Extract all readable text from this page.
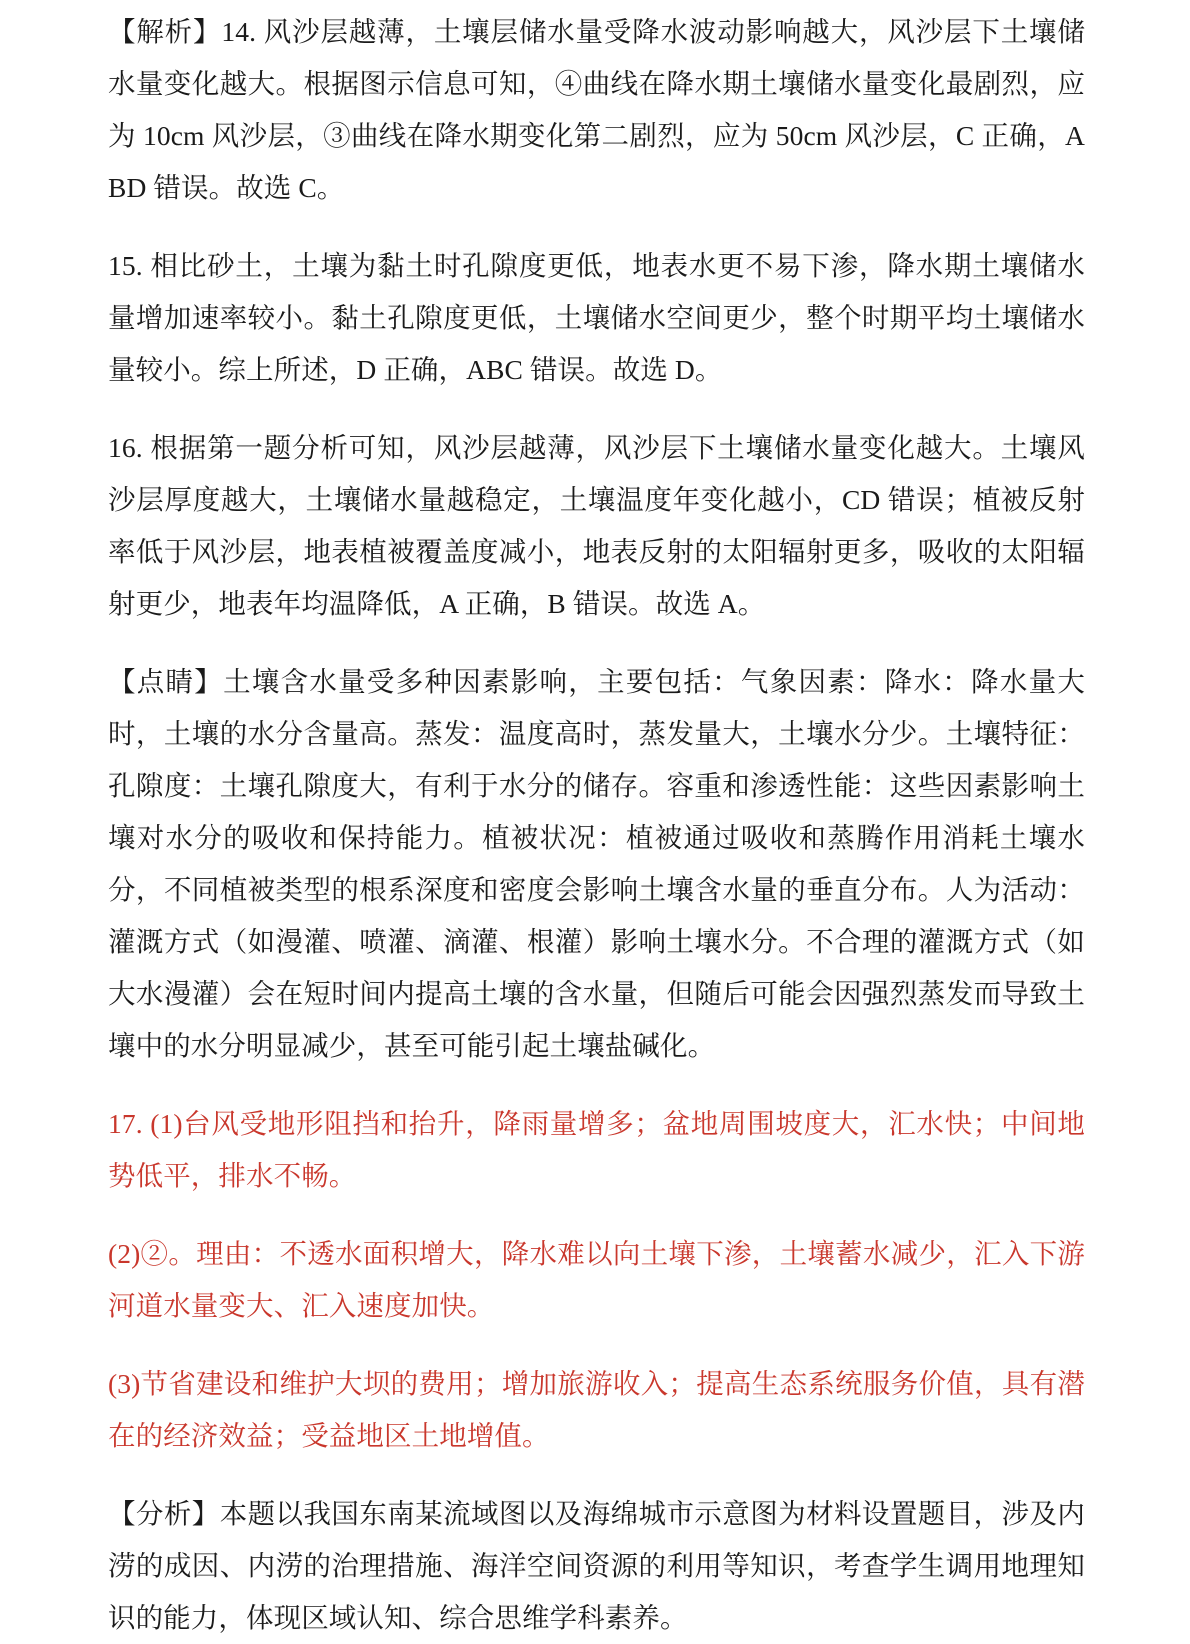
【解析】14. 风沙层越薄，土壤层储水量受降水波动影响越大，风沙层下土壤储水量变化越大。根据图示信息可知，④曲线在降水期土壤储水量变化最剧烈，应为 10cm 风沙层，③曲线在降水期变化第二剧烈，应为 50cm 风沙层，C 正确，ABD 错误。故选 C。

15. 相比砂土，土壤为黏土时孔隙度更低，地表水更不易下渗，降水期土壤储水量增加速率较小。黏土孔隙度更低，土壤储水空间更少，整个时期平均土壤储水量较小。综上所述，D 正确，ABC 错误。故选 D。

16. 根据第一题分析可知，风沙层越薄，风沙层下土壤储水量变化越大。土壤风沙层厚度越大，土壤储水量越稳定，土壤温度年变化越小，CD 错误；植被反射率低于风沙层，地表植被覆盖度减小，地表反射的太阳辐射更多，吸收的太阳辐射更少，地表年均温降低，A 正确，B 错误。故选 A。

【点睛】土壤含水量受多种因素影响，主要包括：气象因素：降水：降水量大时，土壤的水分含量高。蒸发：温度高时，蒸发量大，土壤水分少。土壤特征：孔隙度：土壤孔隙度大，有利于水分的储存。容重和渗透性能：这些因素影响土壤对水分的吸收和保持能力。植被状况：植被通过吸收和蒸腾作用消耗土壤水分，不同植被类型的根系深度和密度会影响土壤含水量的垂直分布。人为活动：灌溉方式（如漫灌、喷灌、滴灌、根灌）影响土壤水分。不合理的灌溉方式（如大水漫灌）会在短时间内提高土壤的含水量，但随后可能会因强烈蒸发而导致土壤中的水分明显减少，甚至可能引起土壤盐碱化。

17. (1)台风受地形阻挡和抬升，降雨量增多；盆地周围坡度大，汇水快；中间地势低平，排水不畅。

(2)②。理由：不透水面积增大，降水难以向土壤下渗，土壤蓄水减少，汇入下游河道水量变大、汇入速度加快。

(3)节省建设和维护大坝的费用；增加旅游收入；提高生态系统服务价值，具有潜在的经济效益；受益地区土地增值。

【分析】本题以我国东南某流域图以及海绵城市示意图为材料设置题目，涉及内涝的成因、内涝的治理措施、海洋空间资源的利用等知识，考查学生调用地理知识的能力，体现区域认知、综合思维学科素养。
